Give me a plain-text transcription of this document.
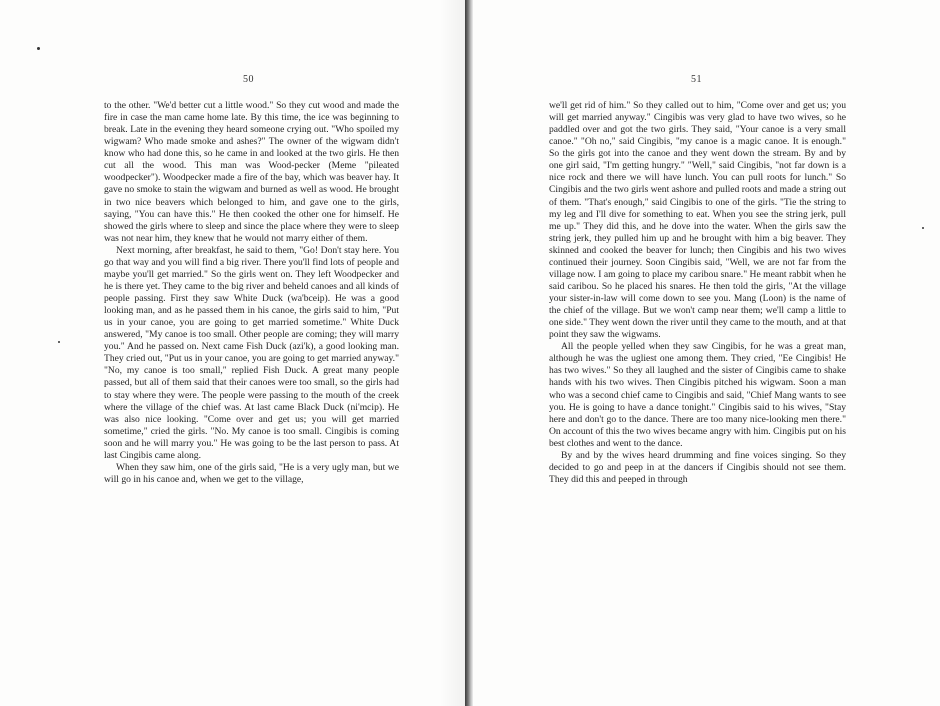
50

to the other. "We'd better cut a little wood." So they cut wood and made the fire in case the man came home late. By this time, the ice was beginning to break. Late in the evening they heard someone crying out. "Who spoiled my wigwam? Who made smoke and ashes?" The owner of the wigwam didn't know who had done this, so he came in and looked at the two girls. He then cut all the wood. This man was Wood-pecker (Meme "pileated woodpecker"). Woodpecker made a fire of the bay, which was beaver hay. It gave no smoke to stain the wigwam and burned as well as wood. He brought in two nice beavers which belonged to him, and gave one to the girls, saying, "You can have this." He then cooked the other one for himself. He showed the girls where to sleep and since the place where they were to sleep was not near him, they knew that he would not marry either of them.

Next morning, after breakfast, he said to them, "Go! Don't stay here. You go that way and you will find a big river. There you'll find lots of people and maybe you'll get married." So the girls went on. They left Woodpecker and he is there yet. They came to the big river and beheld canoes and all kinds of people passing. First they saw White Duck (wa'bceip). He was a good looking man, and as he passed them in his canoe, the girls said to him, "Put us in your canoe, you are going to get married sometime." White Duck answered, "My canoe is too small. Other people are coming; they will marry you." And he passed on. Next came Fish Duck (azi'k), a good looking man. They cried out, "Put us in your canoe, you are going to get married anyway." "No, my canoe is too small," replied Fish Duck. A great many people passed, but all of them said that their canoes were too small, so the girls had to stay where they were. The people were passing to the mouth of the creek where the village of the chief was. At last came Black Duck (ni'mcip). He was also nice looking. "Come over and get us; you will get married sometime," cried the girls. "No. My canoe is too small. Cingibis is coming soon and he will marry you." He was going to be the last person to pass. At last Cingibis came along.

When they saw him, one of the girls said, "He is a very ugly man, but we will go in his canoe and, when we get to the village,

51

we'll get rid of him." So they called out to him, "Come over and get us; you will get married anyway." Cingibis was very glad to have two wives, so he paddled over and got the two girls. They said, "Your canoe is a very small canoe." "Oh no," said Cingibis, "my canoe is a magic canoe. It is enough." So the girls got into the canoe and they went down the stream. By and by one girl said, "I'm getting hungry." "Well," said Cingibis, "not far down is a nice rock and there we will have lunch. You can pull roots for lunch." So Cingibis and the two girls went ashore and pulled roots and made a string out of them. "That's enough," said Cingibis to one of the girls. "Tie the string to my leg and I'll dive for something to eat. When you see the string jerk, pull me up." They did this, and he dove into the water. When the girls saw the string jerk, they pulled him up and he brought with him a big beaver. They skinned and cooked the beaver for lunch; then Cingibis and his two wives continued their journey. Soon Cingibis said, "Well, we are not far from the village now. I am going to place my caribou snare." He meant rabbit when he said caribou. So he placed his snares. He then told the girls, "At the village your sister-in-law will come down to see you. Mang (Loon) is the name of the chief of the village. But we won't camp near them; we'll camp a little to one side." They went down the river until they came to the mouth, and at that point they saw the wigwams.

All the people yelled when they saw Cingibis, for he was a great man, although he was the ugliest one among them. They cried, "Ee Cingibis! He has two wives." So they all laughed and the sister of Cingibis came to shake hands with his two wives. Then Cingibis pitched his wigwam. Soon a man who was a second chief came to Cingibis and said, "Chief Mang wants to see you. He is going to have a dance tonight." Cingibis said to his wives, "Stay here and don't go to the dance. There are too many nice-looking men there." On account of this the two wives became angry with him. Cingibis put on his best clothes and went to the dance.

By and by the wives heard drumming and fine voices singing. So they decided to go and peep in at the dancers if Cingibis should not see them. They did this and peeped in through
